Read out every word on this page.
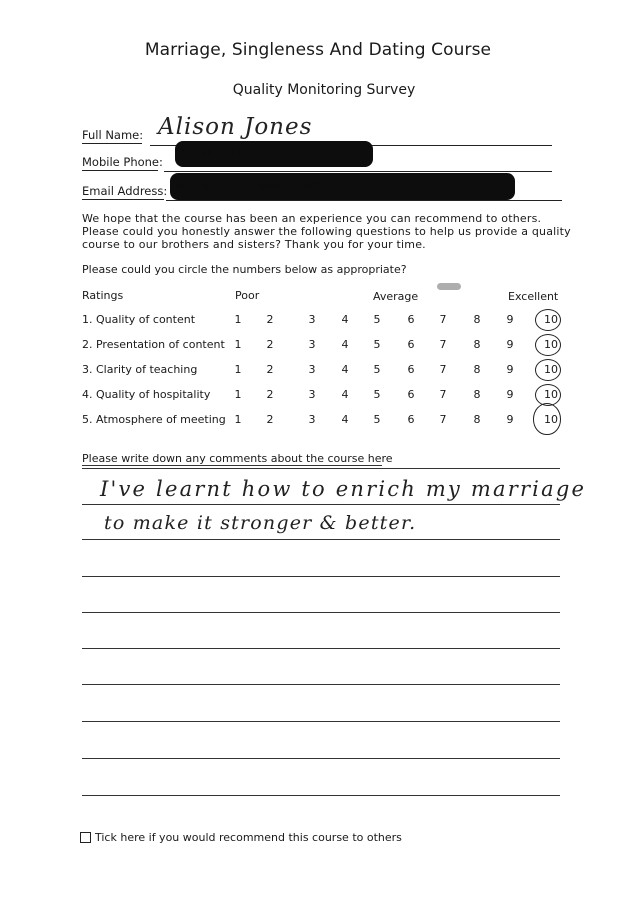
Marriage, Singleness And Dating Course
Quality Monitoring Survey
Full Name: Alison Jones
Mobile Phone:
07791 264 890
Email Address: alisonjones6187@gmail.com
We hope that the course has been an experience you can recommend to others. Please could you honestly answer the following questions to help us provide a quality course to our brothers and sisters? Thank you for your time.
Please could you circle the numbers below as appropriate?
Ratings	Poor	Average	Excellent
1. Quality of content	1	2	3	4	5	6	7	8	9	10
2. Presentation of content 1	2	3	4	5	6	7	8	9	10
3. Clarity of teaching	1	2	3	4	5	6	7	8	9	10
4. Quality of hospitality	1	2	3	4	5	6	7	8	9	10
5. Atmosphere of meeting 1	2	3	4	5	6	7	8	9	10
Please write down any comments about the course here
I've learnt how to enrich my marriage
to make it stronger & better.
Tick here if you would recommend this course to others
